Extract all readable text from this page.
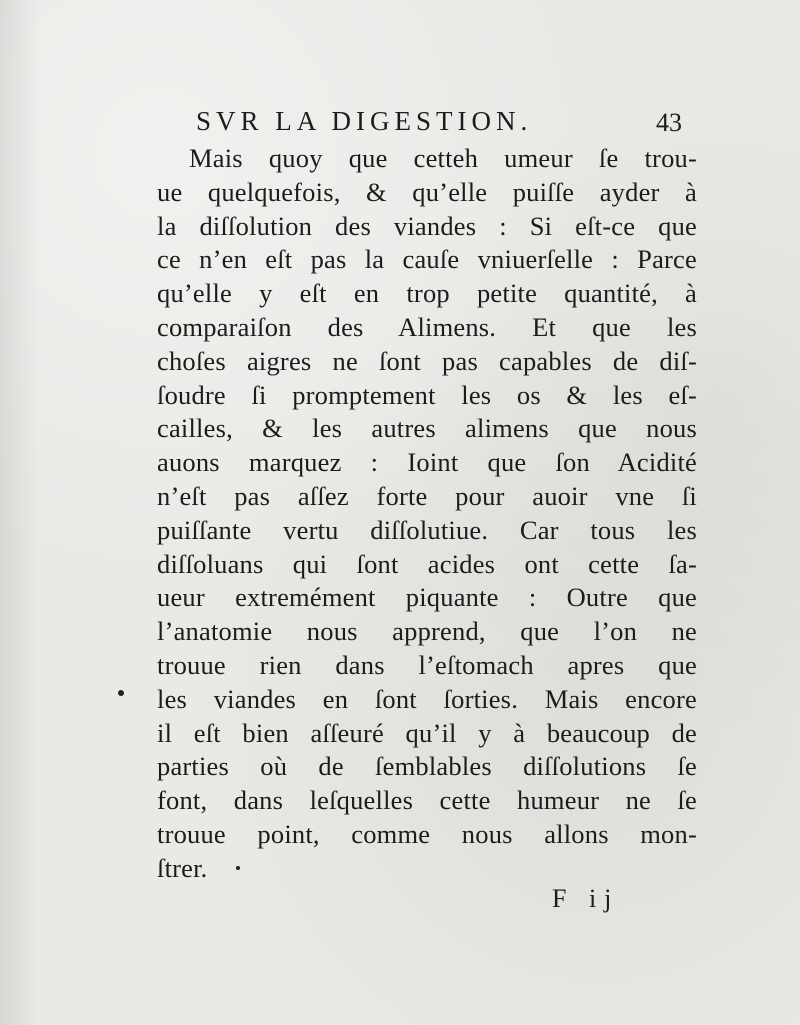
SVR LA DIGESTION.	43
Mais quoy que cetteh umeur ſe trou-
ue quelquefois, & qu’elle puiſſe ayder à
la diſſolution des viandes : Si eſt-ce que
ce n’en eſt pas la cauſe vniuerſelle : Parce
qu’elle y eſt en trop petite quantité, à
comparaiſon des Alimens. Et que les
choſes aigres ne ſont pas capables de diſ-
ſoudre ſi promptement les os & les eſ-
cailles, & les autres alimens que nous
auons marquez : Ioint que ſon Acidité
n’eſt pas aſſez forte pour auoir vne ſi
puiſſante vertu diſſolutiue. Car tous les
diſſoluans qui ſont acides ont cette ſa-
ueur extremément piquante : Outre que
l’anatomie nous apprend, que l’on ne
trouue rien dans l’eſtomach apres que
les viandes en ſont ſorties. Mais encore
il eſt bien aſſeuré qu’il y à beaucoup de
parties où de ſemblables diſſolutions ſe
font, dans leſquelles cette humeur ne ſe
trouue point, comme nous allons mon-
ſtrer.
F ij
